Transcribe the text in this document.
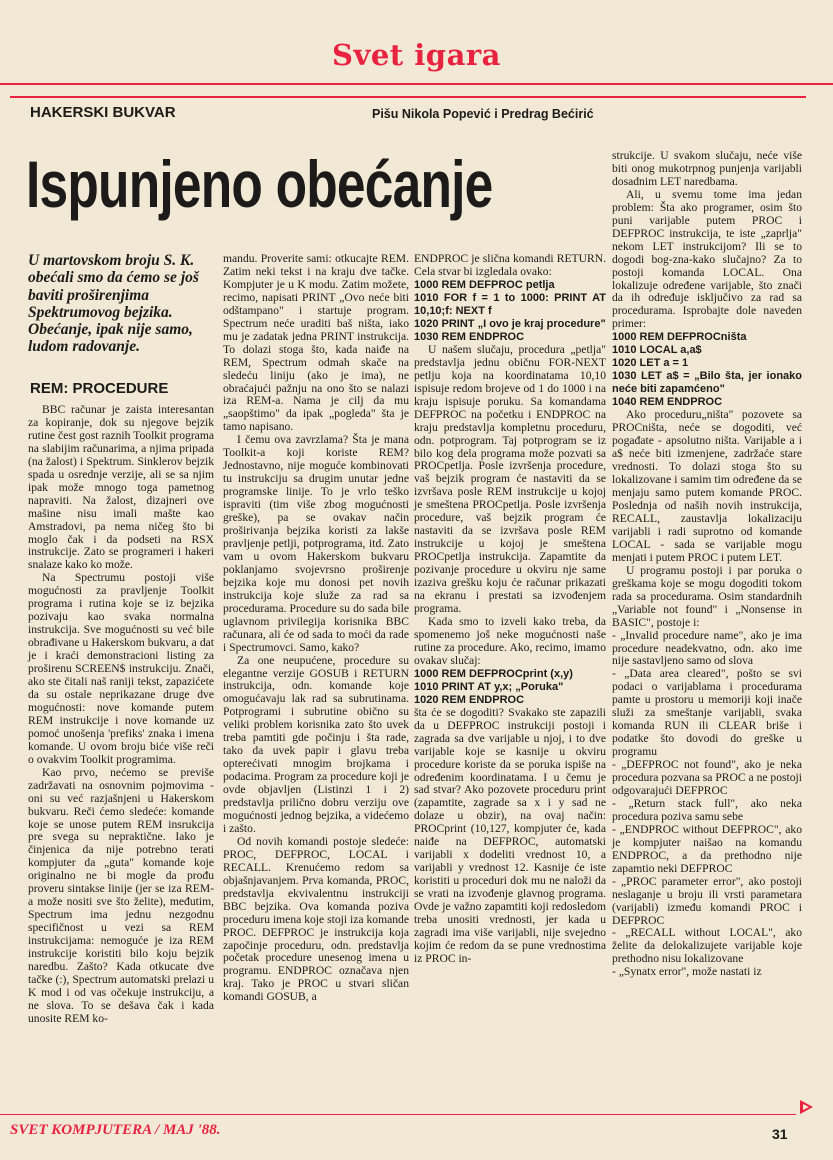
Svet igara
HAKERSKI BUKVAR	Pišu Nikola Popević i Predrag Bećirić
Ispunjeno obećanje
U martovskom broju S. K. obećali smo da ćemo se još baviti proširenjima Spektrumovog bejzika. Obećanje, ipak nije samo, ludom radovanje.
REM: PROCEDURE

BBC računar je zaista interesantan za kopiranje, dok su njegove bejzik rutine čest gost raznih Toolkit programa na slabijim računarima, a njima pripada (na žalost) i Spektrum. Sinklerov bejzik spada u osrednje verzije, ali se sa njim ipak može mnogo toga pametnog napraviti. Na žalost, dizajneri ove mašine nisu imali mašte kao Amstradovi, pa nema ničeg što bi moglo čak i da podseti na RSX instrukcije. Zato se programeri i hakeri snalaze kako ko može.

Na Spectrumu postoji više mogućnosti za pravljenje Toolkit programa i rutina koje se iz bejzika pozivaju kao svaka normalna instrukcija. Sve mogućnosti su već bile obrađivane u Hakerskom bukvaru, a dat je i kraći demonstracioni listing za proširenu SCREEN$ instrukciju. Znači, ako ste čitali naš raniji tekst, zapazićete da su ostale neprikazane druge dve mogućnosti: nove komande putem REM instrukcije i nove komande uz pomoć unošenja 'prefiks' znaka i imena komande. U ovom broju biće više reči o ovakvim Toolkit programima.

Kao prvo, nećemo se previše zadržavati na osnovnim pojmovima - oni su već razjašnjeni u Hakerskom bukvaru. Reči ćemo sledeće: komande koje se unose putem REM insrukcija pre svega su nepraktične. Iako je činjenica da nije potrebno terati kompjuter da „guta" komande koje originalno ne bi mogle da prođu proveru sintakse linije (jer se iza REM-a može nositi sve što želite), međutim, Spectrum ima jednu nezgodnu specifičnost u vezi sa REM instrukcijama: nemoguće je iza REM instrukcije koristiti bilo koju bejzik naredbu. Zašto? Kada otkucate dve tačke (:), Spectrum automatski prelazi u K mod i od vas očekuje instrukciju, a ne slova. To se dešava čak i kada unosite REM ko-

mandu. Proverite sami: otkucajte REM. Zatim neki tekst i na kraju dve tačke. Kompjuter je u K modu. Zatim možete, recimo, napisati PRINT „Ovo neće biti odštampano" i startuje program. Spectrum neće uraditi baš ništa, iako mu je zadatak jedna PRINT instrukcija. To dolazi stoga što, kada naiđe na REM, Spectrum odmah skače na sledeću liniju (ako je ima), ne obraćajući pažnju na ono što se nalazi iza REM-a. Nama je cilj da mu „saopštimo" da ipak „pogleda" šta je tamo napisano.

I čemu ova zavrzlama? Šta je mana Toolkit-a koji koriste REM? Jednostavno, nije moguće kombinovati tu instrukciju sa drugim unutar jedne programske linije. To je vrlo teško ispraviti (tim više zbog mogućnosti greške), pa se ovakav način proširivanja bejzika koristi za lakše pravljenje petlji, potprograma, itd. Zato vam u ovom Hakerskom bukvaru poklanjamo svojevrsno proširenje bejzika koje mu donosi pet novih instrukcija koje služe za rad sa procedurama. Procedure su do sada bile uglavnom privilegija korisnika BBC računara, ali će od sada to moći da rade i Spectrumovci. Samo, kako?

Za one neupućene, procedure su elegantne verzije GOSUB i RETURN instrukcija, odn. komande koje omogućavaju lak rad sa subrutinama. Potprogrami i subrutine obično su veliki problem korisnika zato što uvek treba pamtiti gde počinju i šta rade, tako da uvek papir i glavu treba opterećivati mnogim brojkama i podacima. Program za procedure koji je ovde objavljen (Listinzi 1 i 2) predstavlja prilično dobru verziju ove mogućnosti jednog bejzika, a videćemo i zašto.

Od novih komandi postoje sledeće: PROC, DEFPROC, LOCAL i RECALL. Krenućemo redom sa objašnjavanjem. Prva komanda, PROC, predstavlja ekvivalentnu instrukciji BBC bejzika. Ova komanda poziva proceduru imena koje stoji iza komande PROC. DEFPROC je instrukcija koja započinje proceduru, odn. predstavlja početak procedure unesenog imena u programu. ENDPROC označava njen kraj. Tako je PROC u stvari sličan komandi GOSUB, a

ENDPROC je slična komandi RETURN. Cela stvar bi izgledala ovako:

1000 REM DEFPROC petlja
1010 FOR f = 1 to 1000: PRINT AT 10,10;f: NEXT f
1020 PRINT „I ovo je kraj procedure"
1030 REM ENDPROC

U našem slučaju, procedura „petlja" predstavlja jednu običnu FOR-NEXT petlju koja na koordinatama 10,10 ispisuje redom brojeve od 1 do 1000 i na kraju ispisuje poruku. Sa komandama DEFPROC na početku i ENDPROC na kraju predstavlja kompletnu proceduru, odn. potprogram. Taj potprogram se iz bilo kog dela programa može pozvati sa PROCpetlja. Posle izvršenja procedure, vaš bejzik program će nastaviti da se izvršava posle REM instrukcije u kojoj je smeštena PROCpetlja. Posle izvršenja procedure, vaš bejzik program će nastaviti da se izvršava posle REM instrukcije u kojoj je smeštena PROCpetlja instrukcija. Zapamtite da pozivanje procedure u okviru nje same izaziva grešku koju će računar prikazati na ekranu i prestati sa izvođenjem programa.

Kada smo to izveli kako treba, da spomenemo još neke mogućnosti naše rutine za procedure. Ako, recimo, imamo ovakav slučaj:

1000 REM DEFPROCprint (x,y)
1010 PRINT AT y,x; „Poruka"
1020 REM ENDPROC

šta će se dogoditi? Svakako ste zapazili da u DEFPROC instrukciji postoji i zagrada sa dve varijable u njoj, i to dve varijable koje se kasnije u okviru procedure koriste da se poruka ispiše na određenim koordinatama. I u čemu je sad stvar? Ako pozovete proceduru print (zapamtite, zagrade sa x i y sad ne dolaze u obzir), na ovaj način: PROCprint (10,127, kompjuter će, kada naiđe na DEFPROC, automatski varijabli x dodeliti vrednost 10, a varijabli y vrednost 12. Kasnije će iste koristiti u proceduri dok mu ne naloži da se vrati na izvođenje glavnog programa. Ovde je važno zapamtiti koji redosledom treba unositi vrednosti, jer kada u zagradi ima više varijabli, nije svejedno kojim će redom da se pune vrednostima iz PROC in-

strukcije. U svakom slučaju, neće više biti onog mukotrpnog punjenja varijabli dosadnim LET naredbama.

Ali, u svemu tome ima jedan problem: Šta ako programer, osim što puni varijable putem PROC i DEFPROC instrukcija, te iste „zaprlja" nekom LET instrukcijom? Ili se to dogodi bog-zna-kako slučajno? Za to postoji komanda LOCAL. Ona lokalizuje određene varijable, što znači da ih određuje isključivo za rad sa procedurama. Isprobajte dole naveden primer:

1000 REM DEFPROCništa
1010 LOCAL a,a$
1020 LET a = 1
1030 LET a$ = „Bilo šta, jer ionako neće biti zapamćeno"
1040 REM ENDPROC

Ako proceduru„ništa" pozovete sa PROCništa, neće se dogoditi, već pogađate - apsolutno ništa. Varijable a i a$ neće biti izmenjene, zadržaće stare vrednosti. To dolazi stoga što su lokalizovane i samim tim određene da se menjaju samo putem komande PROC. Poslednja od naših novih instrukcija, RECALL, zaustavlja lokalizaciju varijabli i radi suprotno od komande LOCAL - sada se varijable mogu menjati i putem PROC i putem LET.

U programu postoji i par poruka o greškama koje se mogu dogoditi tokom rada sa procedurama. Osim standardnih „Variable not found" i „Nonsense in BASIC", postoje i:

- „Invalid procedure name", ako je ima procedure neadekvatno, odn. ako ime nije sastavljeno samo od slova

- „Data area cleared", pošto se svi podaci o varijablama i procedurama pamte u prostoru u memoriji koji inače služi za smeštanje varijabli, svaka komanda RUN ili CLEAR briše i podatke što dovodi do greške u programu

- „DEFPROC not found", ako je neka procedura pozvana sa PROC a ne postoji odgovarajući DEFPROC

- „Return stack full", ako neka procedura poziva samu sebe

- „ENDPROC without DEFPROC", ako je kompjuter naišao na komandu ENDPROC, a da prethodno nije zapamtio neki DEFPROC

- „PROC parameter error", ako postoji neslaganje u broju ili vrsti parametara (varijabli) između komandi PROC i DEFPROC

- „RECALL without LOCAL", ako želite da delokalizujete varijable koje prethodno nisu lokalizovane

- „Synatx error", može nastati iz

SVET KOMPJUTERA / MAJ '88.	31
